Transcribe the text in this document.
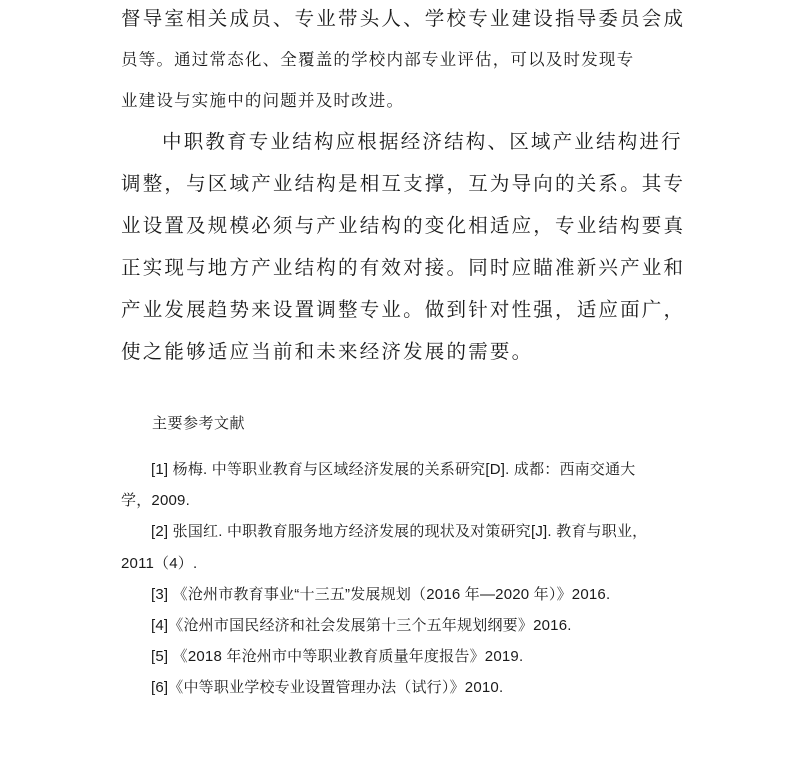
督导室相关成员、专业带头人、学校专业建设指导委员会成
员等。通过常态化、全覆盖的学校内部专业评估，可以及时发现专
业建设与实施中的问题并及时改进。
中职教育专业结构应根据经济结构、区域产业结构进行
调整，与区域产业结构是相互支撑，互为导向的关系。其专
业设置及规模必须与产业结构的变化相适应，专业结构要真
正实现与地方产业结构的有效对接。同时应瞄准新兴产业和
产业发展趋势来设置调整专业。做到针对性强，适应面广，
使之能够适应当前和未来经济发展的需要。
主要参考文献
[1] 杨梅. 中等职业教育与区域经济发展的关系研究[D]. 成都：西南交通大
学，2009.
[2] 张国红. 中职教育服务地方经济发展的现状及对策研究[J]. 教育与职业，
2011（4）.
[3] 《沧州市教育事业“十三五”发展规划（2016 年—2020 年）》2016.
[4]《沧州市国民经济和社会发展第十三个五年规划纲要》2016.
[5] 《2018 年沧州市中等职业教育质量年度报告》2019.
[6]《中等职业学校专业设置管理办法（试行）》2010.
